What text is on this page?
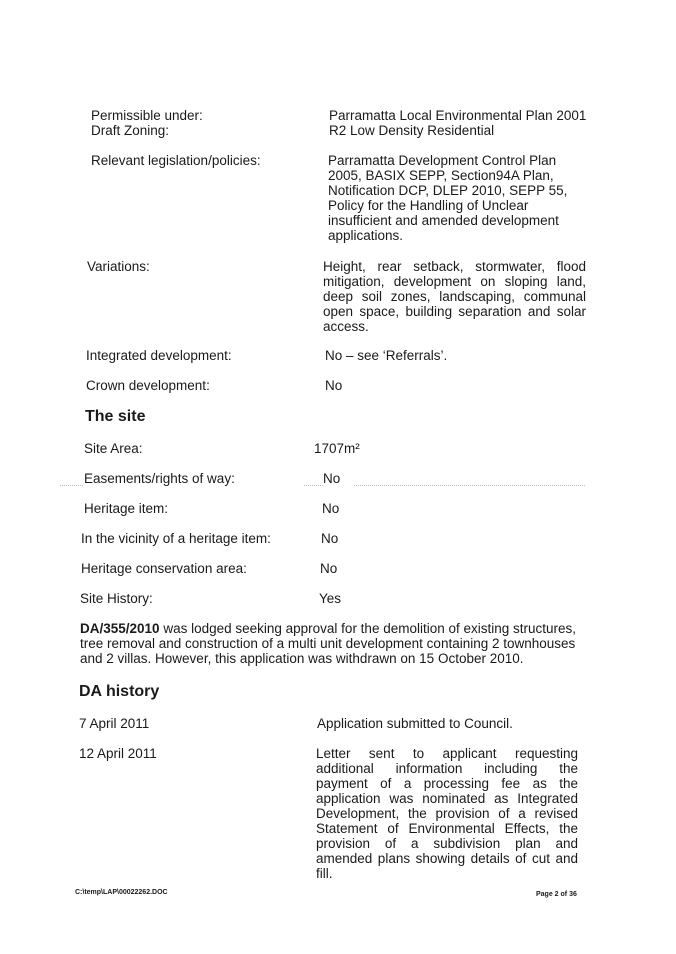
Permissible under:	Parramatta Local Environmental Plan 2001
Draft Zoning:	R2 Low Density Residential
Relevant legislation/policies:	Parramatta Development Control Plan 2005, BASIX SEPP, Section94A Plan, Notification DCP, DLEP 2010, SEPP 55, Policy for the Handling of Unclear insufficient and amended development applications.
Variations:	Height, rear setback, stormwater, flood mitigation, development on sloping land, deep soil zones, landscaping, communal open space, building separation and solar access.
Integrated development:	No – see ‘Referrals’.
Crown development:	No
The site
Site Area:	1707m²
Easements/rights of way:	No
Heritage item:	No
In the vicinity of a heritage item:	No
Heritage conservation area:	No
Site History:	Yes
DA/355/2010 was lodged seeking approval for the demolition of existing structures, tree removal and construction of a multi unit development containing 2 townhouses and 2 villas. However, this application was withdrawn on 15 October 2010.
DA history
7 April 2011	Application submitted to Council.
12 April 2011	Letter sent to applicant requesting additional information including the payment of a processing fee as the application was nominated as Integrated Development, the provision of a revised Statement of Environmental Effects, the provision of a subdivision plan and amended plans showing details of cut and fill.
C:\temp\LAP\00022262.DOC	Page 2 of 36
